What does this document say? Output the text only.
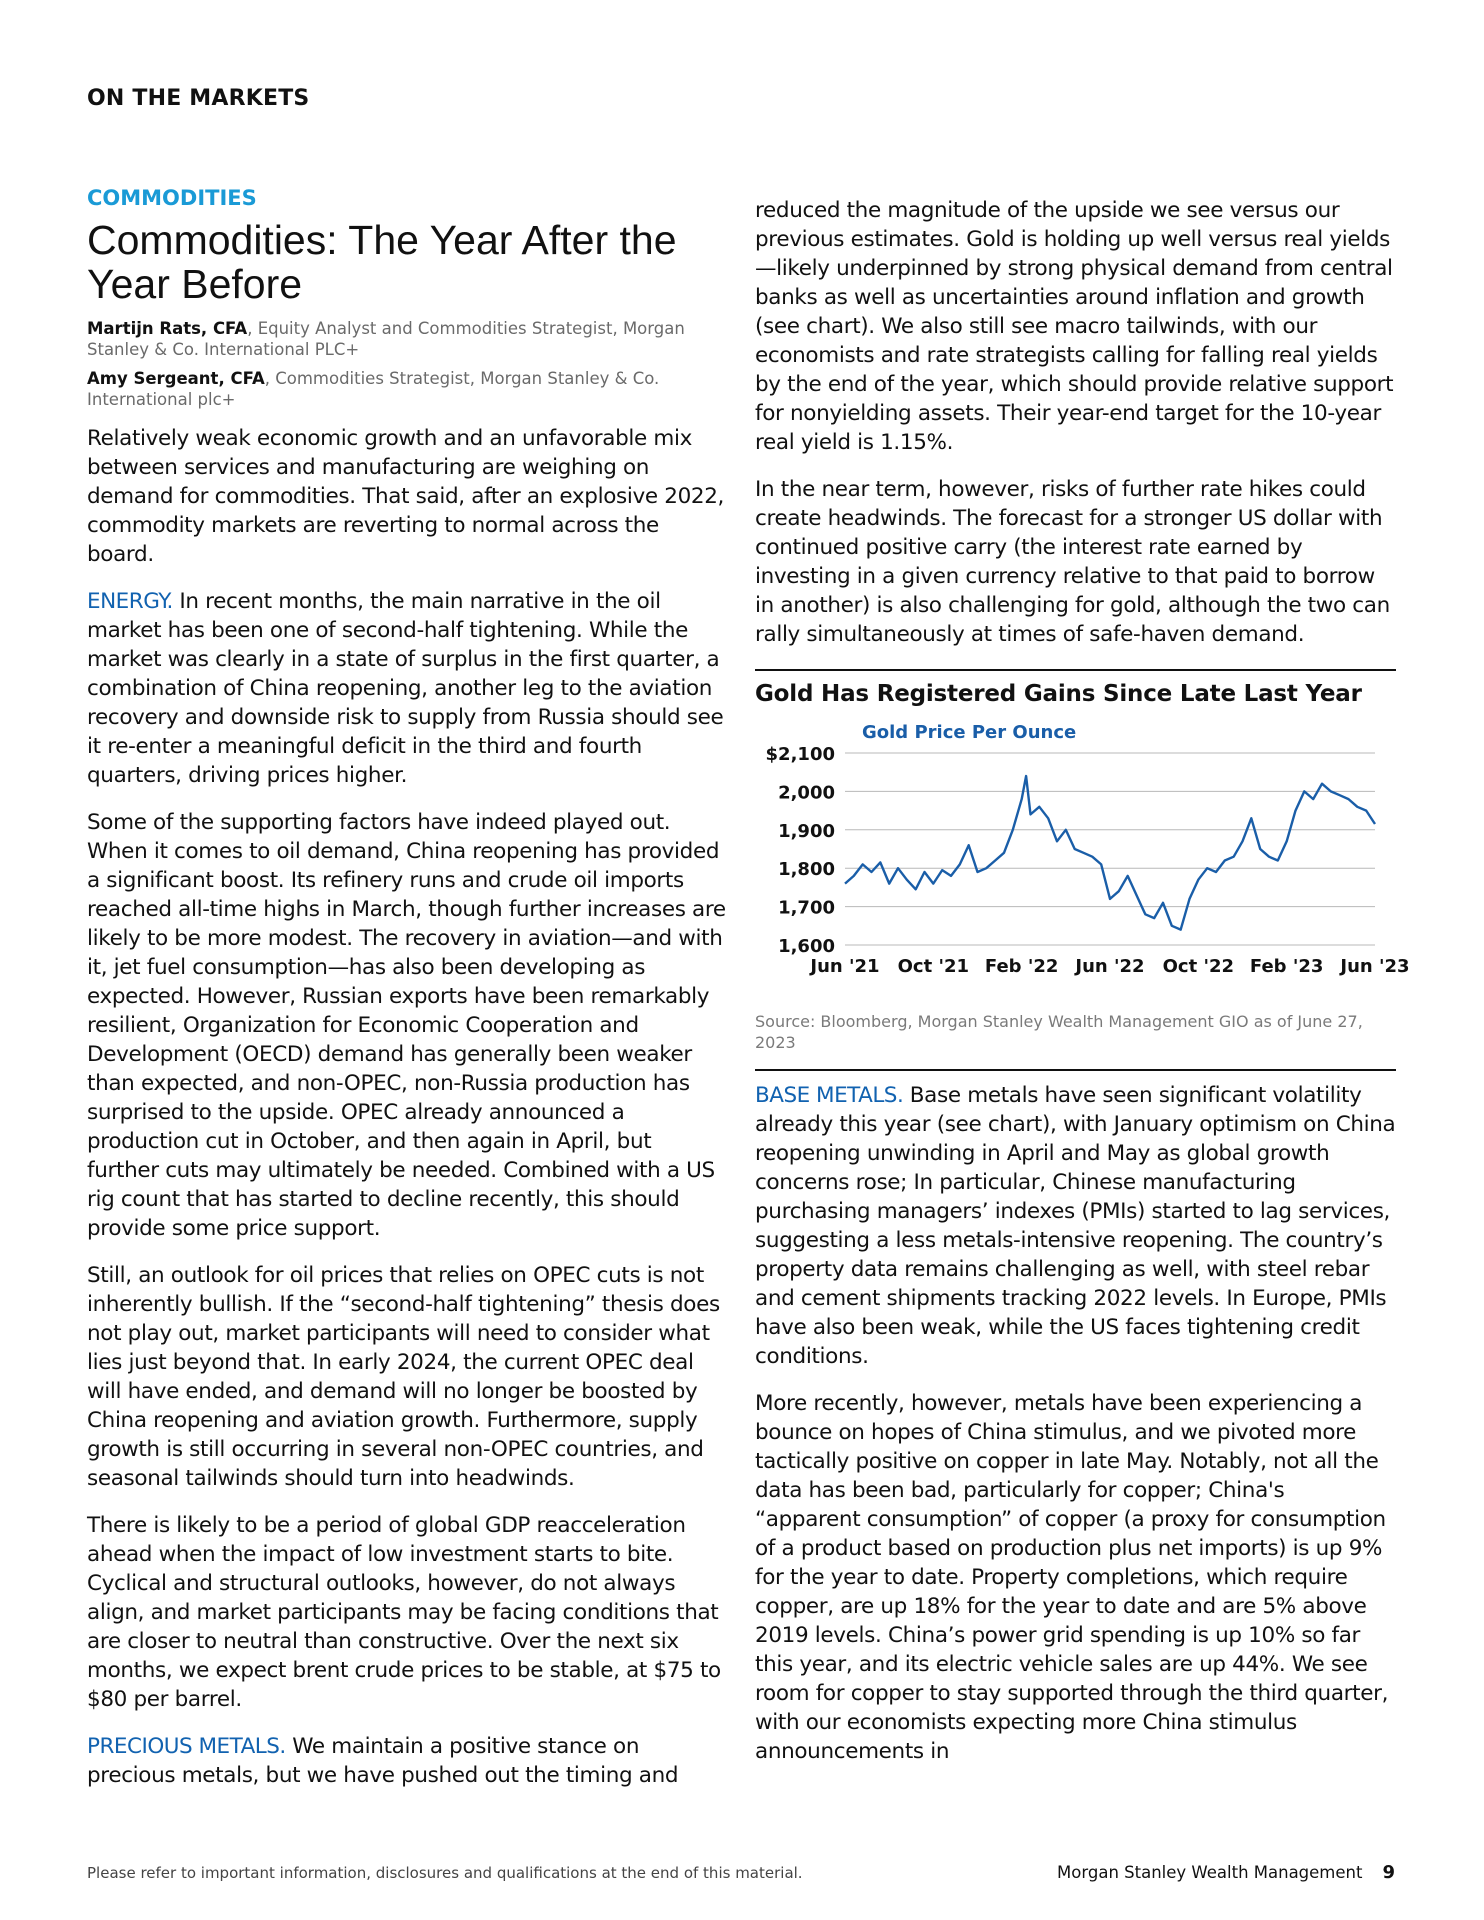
ON THE MARKETS
COMMODITIES
Commodities: The Year After the Year Before
Martijn Rats, CFA, Equity Analyst and Commodities Strategist, Morgan Stanley & Co. International PLC+
Amy Sergeant, CFA, Commodities Strategist, Morgan Stanley & Co. International plc+

Relatively weak economic growth and an unfavorable mix between services and manufacturing are weighing on demand for commodities. That said, after an explosive 2022, commodity markets are reverting to normal across the board.

ENERGY. In recent months, the main narrative in the oil market has been one of second-half tightening. While the market was clearly in a state of surplus in the first quarter, a combination of China reopening, another leg to the aviation recovery and downside risk to supply from Russia should see it re-enter a meaningful deficit in the third and fourth quarters, driving prices higher.

Some of the supporting factors have indeed played out. When it comes to oil demand, China reopening has provided a significant boost. Its refinery runs and crude oil imports reached all-time highs in March, though further increases are likely to be more modest. The recovery in aviation—and with it, jet fuel consumption—has also been developing as expected. However, Russian exports have been remarkably resilient, Organization for Economic Cooperation and Development (OECD) demand has generally been weaker than expected, and non-OPEC, non-Russia production has surprised to the upside. OPEC already announced a production cut in October, and then again in April, but further cuts may ultimately be needed. Combined with a US rig count that has started to decline recently, this should provide some price support.

Still, an outlook for oil prices that relies on OPEC cuts is not inherently bullish. If the “second-half tightening” thesis does not play out, market participants will need to consider what lies just beyond that. In early 2024, the current OPEC deal will have ended, and demand will no longer be boosted by China reopening and aviation growth. Furthermore, supply growth is still occurring in several non-OPEC countries, and seasonal tailwinds should turn into headwinds.

There is likely to be a period of global GDP reacceleration ahead when the impact of low investment starts to bite. Cyclical and structural outlooks, however, do not always align, and market participants may be facing conditions that are closer to neutral than constructive. Over the next six months, we expect brent crude prices to be stable, at $75 to $80 per barrel.

PRECIOUS METALS. We maintain a positive stance on precious metals, but we have pushed out the timing and

reduced the magnitude of the upside we see versus our previous estimates. Gold is holding up well versus real yields —likely underpinned by strong physical demand from central banks as well as uncertainties around inflation and growth (see chart). We also still see macro tailwinds, with our economists and rate strategists calling for falling real yields by the end of the year, which should provide relative support for nonyielding assets. Their year-end target for the 10-year real yield is 1.15%.

In the near term, however, risks of further rate hikes could create headwinds. The forecast for a stronger US dollar with continued positive carry (the interest rate earned by investing in a given currency relative to that paid to borrow in another) is also challenging for gold, although the two can rally simultaneously at times of safe-haven demand.

Gold Has Registered Gains Since Late Last Year
1,600
1,700
1,800
1,900
2,000
$2,100
Jun '21 Oct '21 Feb '22 Jun '22 Oct '22 Feb '23 Jun '23
Gold Price Per Ounce
Source: Bloomberg, Morgan Stanley Wealth Management GIO as of June 27, 2023

BASE METALS. Base metals have seen significant volatility already this year (see chart), with January optimism on China reopening unwinding in April and May as global growth concerns rose; In particular, Chinese manufacturing purchasing managers’ indexes (PMIs) started to lag services, suggesting a less metals-intensive reopening. The country’s property data remains challenging as well, with steel rebar and cement shipments tracking 2022 levels. In Europe, PMIs have also been weak, while the US faces tightening credit conditions.

More recently, however, metals have been experiencing a bounce on hopes of China stimulus, and we pivoted more tactically positive on copper in late May. Notably, not all the data has been bad, particularly for copper; China's “apparent consumption” of copper (a proxy for consumption of a product based on production plus net imports) is up 9% for the year to date. Property completions, which require copper, are up 18% for the year to date and are 5% above 2019 levels. China’s power grid spending is up 10% so far this year, and its electric vehicle sales are up 44%. We see room for copper to stay supported through the third quarter, with our economists expecting more China stimulus announcements in

Please refer to important information, disclosures and qualifications at the end of this material.	Morgan Stanley Wealth Management 9
